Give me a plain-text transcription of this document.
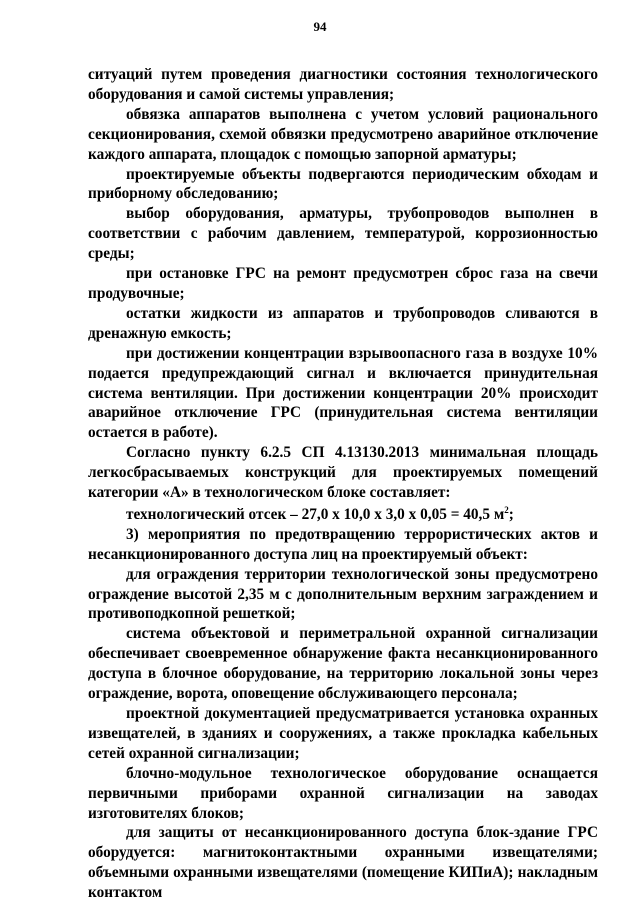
94

ситуаций путем проведения диагностики состояния технологического оборудования и самой системы управления;

обвязка аппаратов выполнена с учетом условий рационального секционирования, схемой обвязки предусмотрено аварийное отключение каждого аппарата, площадок с помощью запорной арматуры;

проектируемые объекты подвергаются периодическим обходам и приборному обследованию;

выбор оборудования, арматуры, трубопроводов выполнен в соответствии с рабочим давлением, температурой, коррозионностью среды;

при остановке ГРС на ремонт предусмотрен сброс газа на свечи продувочные;

остатки жидкости из аппаратов и трубопроводов сливаются в дренажную емкость;

при достижении концентрации взрывоопасного газа в воздухе 10% подается предупреждающий сигнал и включается принудительная система вентиляции. При достижении концентрации 20% происходит аварийное отключение ГРС (принудительная система вентиляции остается в работе).

Согласно пункту 6.2.5 СП 4.13130.2013 минимальная площадь легкосбрасываемых конструкций для проектируемых помещений категории «А» в технологическом блоке составляет:

технологический отсек – 27,0 х 10,0 х 3,0 х 0,05 = 40,5 $м^2$;

3) мероприятия по предотвращению террористических актов и несанкционированного доступа лиц на проектируемый объект:

для ограждения территории технологической зоны предусмотрено ограждение высотой 2,35 м с дополнительным верхним заграждением и противоподкопной решеткой;

система объектовой и периметральной охранной сигнализации обеспечивает своевременное обнаружение факта несанкционированного доступа в блочное оборудование, на территорию локальной зоны через ограждение, ворота, оповещение обслуживающего персонала;

проектной документацией предусматривается установка охранных извещателей, в зданиях и сооружениях, а также прокладка кабельных сетей охранной сигнализации;

блочно-модульное технологическое оборудование оснащается первичными приборами охранной сигнализации на заводах изготовителях блоков;

для защиты от несанкционированного доступа блок-здание ГРС оборудуется: магнитоконтактными охранными извещателями; объемными охранными извещателями (помещение КИПиА); накладным контактом
